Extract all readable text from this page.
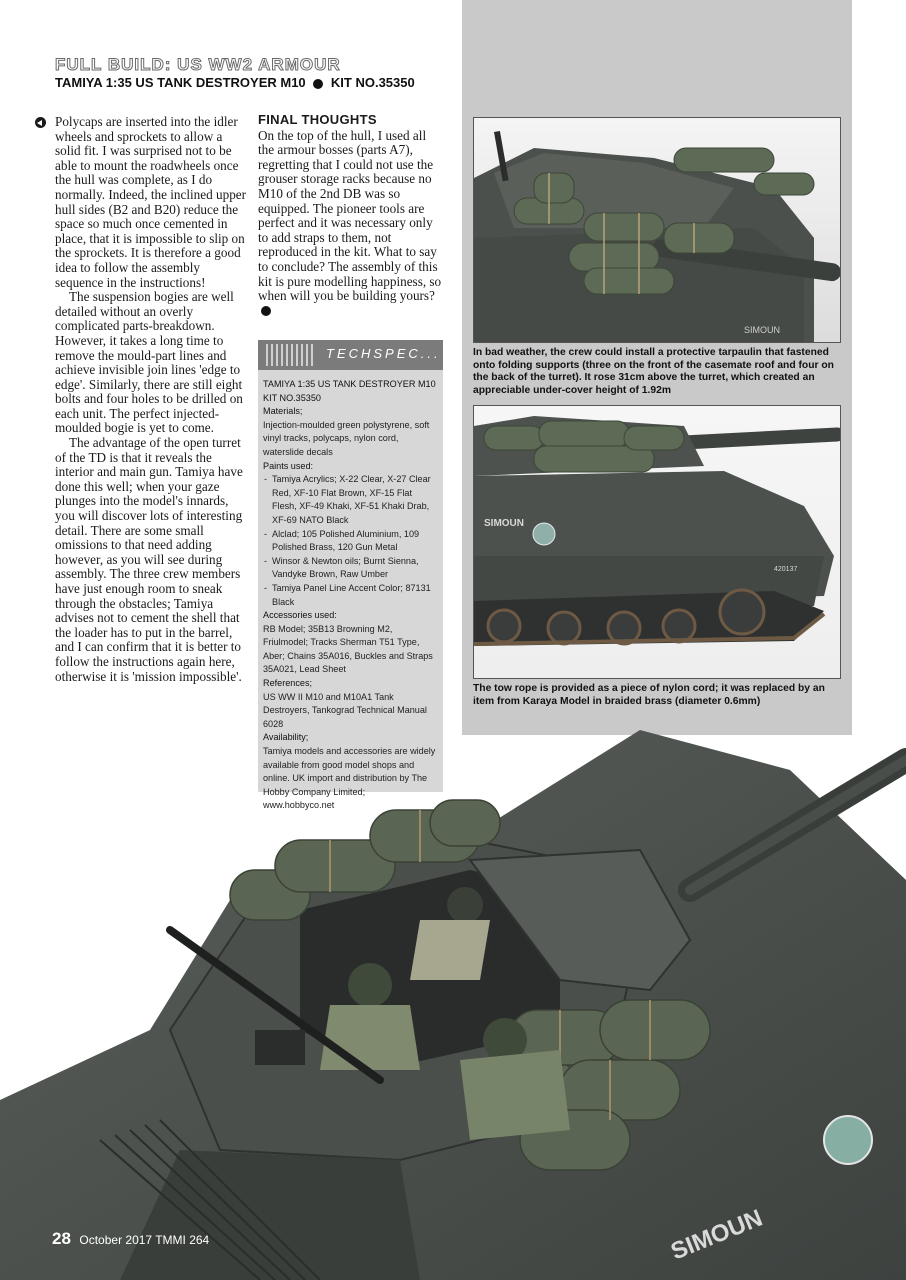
FULL BUILD: US WW2 ARMOUR
TAMIYA 1:35 US TANK DESTROYER M10 KIT NO.35350

Polycaps are inserted into the idler wheels and sprockets to allow a solid fit. I was surprised not to be able to mount the roadwheels once the hull was complete, as I do normally. Indeed, the inclined upper hull sides (B2 and B20) reduce the space so much once cemented in place, that it is impossible to slip on the sprockets. It is therefore a good idea to follow the assembly sequence in the instructions!

The suspension bogies are well detailed without an overly complicated parts-breakdown. However, it takes a long time to remove the mould-part lines and achieve invisible join lines 'edge to edge'. Similarly, there are still eight bolts and four holes to be drilled on each unit. The perfect injected-moulded bogie is yet to come.

The advantage of the open turret of the TD is that it reveals the interior and main gun. Tamiya have done this well; when your gaze plunges into the model's innards, you will discover lots of interesting detail. There are some small omissions to that need adding however, as you will see during assembly. The three crew members have just enough room to sneak through the obstacles; Tamiya advises not to cement the shell that the loader has to put in the barrel, and I can confirm that it is better to follow the instructions again here, otherwise it is 'mission impossible'.

FINAL THOUGHTS

On the top of the hull, I used all the armour bosses (parts A7), regretting that I could not use the grouser storage racks because no M10 of the 2nd DB was so equipped. The pioneer tools are perfect and it was necessary only to add straps to them, not reproduced in the kit. What to say to conclude? The assembly of this kit is pure modelling happiness, so when will you be building yours?

TECHSPEC...
TAMIYA 1:35 US TANK DESTROYER M10
KIT NO.35350
Materials;
Injection-moulded green polystyrene, soft vinyl tracks, polycaps, nylon cord, waterslide decals
Paints used:
- Tamiya Acrylics; X-22 Clear, X-27 Clear Red, XF-10 Flat Brown, XF-15 Flat Flesh, XF-49 Khaki, XF-51 Khaki Drab, XF-69 NATO Black
- Alclad; 105 Polished Aluminium, 109 Polished Brass, 120 Gun Metal
- Winsor & Newton oils; Burnt Sienna, Vandyke Brown, Raw Umber
- Tamiya Panel Line Accent Color; 87131 Black
Accessories used:
RB Model; 35B13 Browning M2, Friulmodel; Tracks Sherman T51 Type, Aber; Chains 35A016, Buckles and Straps 35A021, Lead Sheet
References;
US WW II M10 and M10A1 Tank Destroyers, Tankograd Technical Manual 6028
Availability;
Tamiya models and accessories are widely available from good model shops and online. UK import and distribution by The Hobby Company Limited; www.hobbyco.net
SIMOUN
In bad weather, the crew could install a protective tarpaulin that fastened onto folding supports (three on the front of the casemate roof and four on the back of the turret). It rose 31cm above the turret, which created an appreciable under-cover height of 1.92m
SIMOUN
420137
The tow rope is provided as a piece of nylon cord; it was replaced by an item from Karaya Model in braided brass (diameter 0.6mm)
SIMOUN
28 October 2017 TMMI 264
